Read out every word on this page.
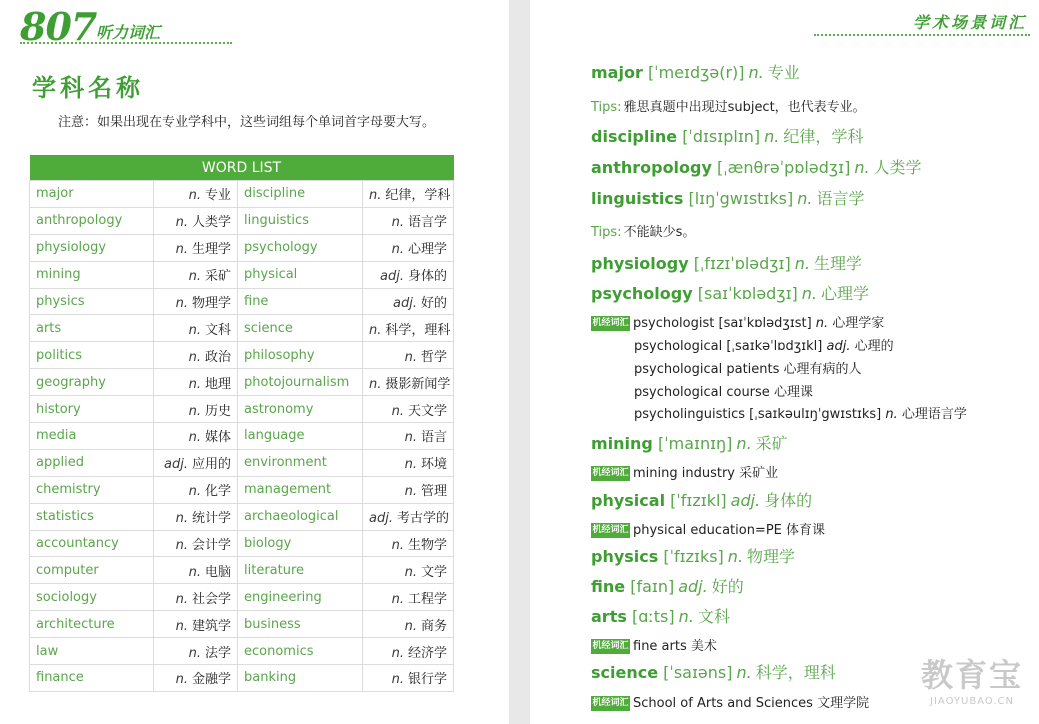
807 听力词汇
学科名称
注意：如果出现在专业学科中，这些词组每个单词首字母要大写。
WORD LIST			
major	n. 专业	discipline	n. 纪律，学科
anthropology	n. 人类学	linguistics	n. 语言学
physiology	n. 生理学	psychology	n. 心理学
mining	n. 采矿	physical	adj. 身体的
physics	n. 物理学	fine	adj. 好的
arts	n. 文科	science	n. 科学，理科
politics	n. 政治	philosophy	n. 哲学
geography	n. 地理	photojournalism	n. 摄影新闻学
history	n. 历史	astronomy	n. 天文学
media	n. 媒体	language	n. 语言
applied	adj. 应用的	environment	n. 环境
chemistry	n. 化学	management	n. 管理
statistics	n. 统计学	archaeological	adj. 考古学的
accountancy	n. 会计学	biology	n. 生物学
computer	n. 电脑	literature	n. 文学
sociology	n. 社会学	engineering	n. 工程学
architecture	n. 建筑学	business	n. 商务
law	n. 法学	economics	n. 经济学
finance	n. 金融学	banking	n. 银行学
学术场景词汇
major [ˈmeɪdʒə(r)] n. 专业
Tips: 雅思真题中出现过subject，也代表专业。
discipline [ˈdɪsɪplɪn] n. 纪律，学科
anthropology [ˌænθrəˈpɒlədʒɪ] n. 人类学
linguistics [lɪŋˈgwɪstɪks] n. 语言学
Tips: 不能缺少s。
physiology [ˌfɪzɪˈɒlədʒɪ] n. 生理学
psychology [saɪˈkɒlədʒɪ] n. 心理学
机经词汇 psychologist [saɪˈkɒlədʒɪst] n. 心理学家
psychological [ˌsaɪkəˈlɒdʒɪkl] adj. 心理的
psychological patients 心理有病的人
psychological course 心理课
psycholinguistics [ˌsaɪkəulɪŋˈgwɪstɪks] n. 心理语言学
mining [ˈmaɪnɪŋ] n. 采矿
机经词汇 mining industry 采矿业
physical [ˈfɪzɪkl] adj. 身体的
机经词汇 physical education=PE 体育课
physics [ˈfɪzɪks] n. 物理学
fine [faɪn] adj. 好的
arts [ɑːts] n. 文科
机经词汇 fine arts 美术
science [ˈsaɪəns] n. 科学，理科
机经词汇 School of Arts and Sciences 文理学院
教育宝
JIAOYUBAO.CN
